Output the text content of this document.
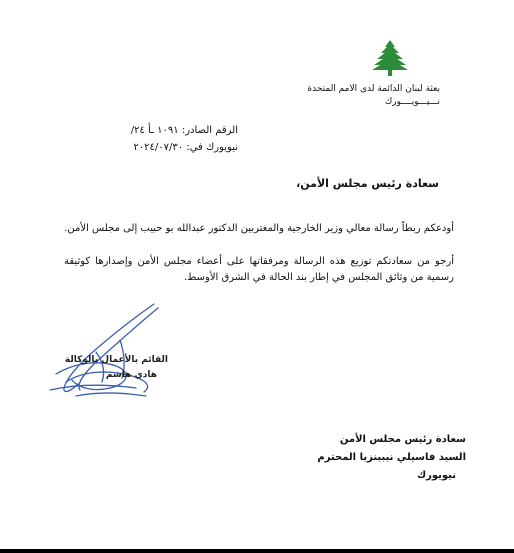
بعثة لبنان الدائمة لدى الامم المتحدة
نـــيـــويــــورك
الرقم الصادر: ١٠٩١ ـأ ٢٤/
نيويورك في: ٢٠٢٤/٠٧/٣٠
سعادة رئيس مجلس الأمن،
أودعكم ربطاً رسالة معالي وزير الخارجية والمغتربين الدكتور عبدالله بو حبيب إلى مجلس الأمن.
أرجو من سعادتكم توزيع هذه الرسالة ومرفقاتها على أعضاء مجلس الأمن وإصدارها كوثيقة رسمية من وثائق المجلس في إطار بند الحالة في الشرق الأوسط.
القائم بالأعمال بالوكالة
هادي هاشم
سعادة رئيس مجلس الأمن
السيد فاسيلي نيبينزيا المحترم
نيويورك
